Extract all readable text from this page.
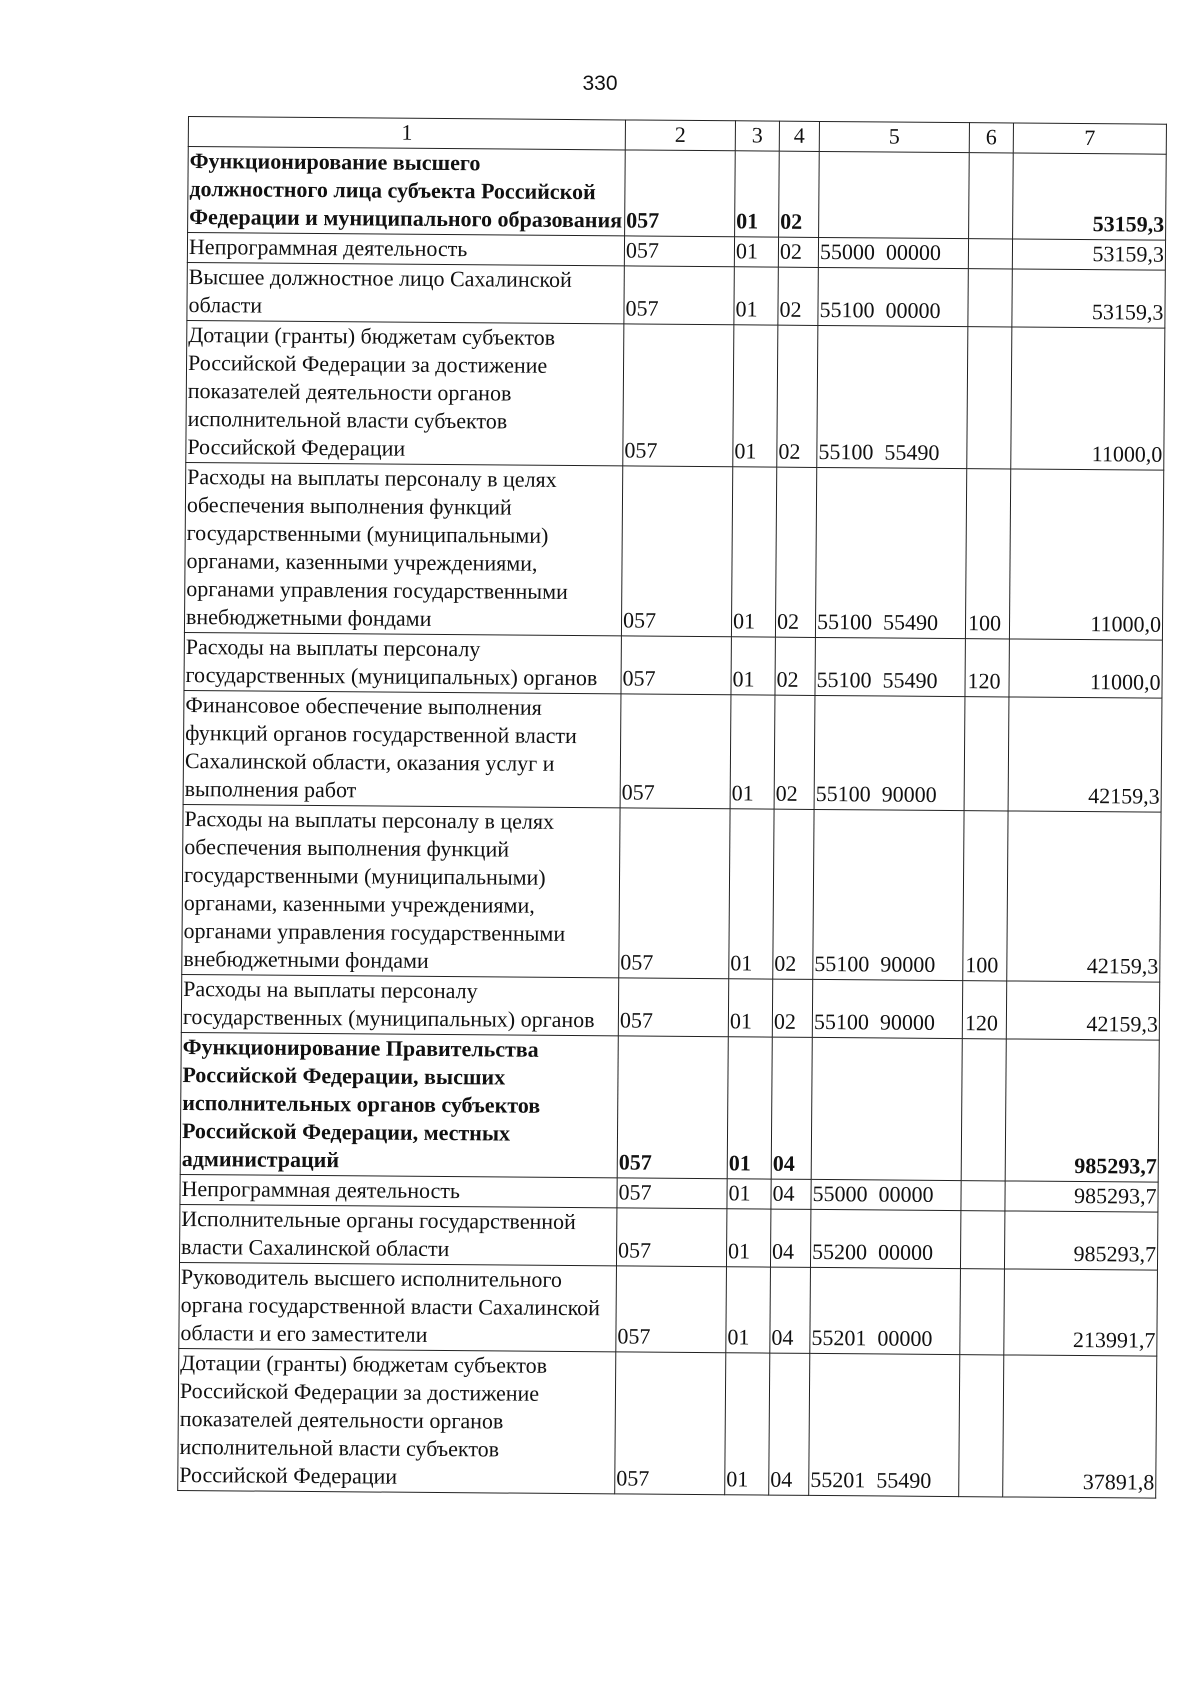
330
1	2	3	4	5	6	7
Функционирование высшего должностного лица субъекта Российской Федерации и муниципального образования	057	01	02			53159,3
Непрограммная деятельность	057	01	02	55000  00000		53159,3
Высшее должностное лицо Сахалинской области	057	01	02	55100  00000		53159,3
Дотации (гранты) бюджетам субъектов Российской Федерации за достижение показателей деятельности органов исполнительной власти субъектов Российской Федерации	057	01	02	55100  55490		11000,0
Расходы на выплаты персоналу в целях обеспечения выполнения функций государственными (муниципальными) органами, казенными учреждениями, органами управления государственными внебюджетными фондами	057	01	02	55100  55490	100	11000,0
Расходы на выплаты персоналу государственных (муниципальных) органов	057	01	02	55100  55490	120	11000,0
Финансовое обеспечение выполнения функций органов государственной власти Сахалинской области, оказания услуг и выполнения работ	057	01	02	55100  90000		42159,3
Расходы на выплаты персоналу в целях обеспечения выполнения функций государственными (муниципальными) органами, казенными учреждениями, органами управления государственными внебюджетными фондами	057	01	02	55100  90000	100	42159,3
Расходы на выплаты персоналу государственных (муниципальных) органов	057	01	02	55100  90000	120	42159,3
Функционирование Правительства Российской Федерации, высших исполнительных органов субъектов Российской Федерации, местных администраций	057	01	04			985293,7
Непрограммная деятельность	057	01	04	55000  00000		985293,7
Исполнительные органы государственной власти Сахалинской области	057	01	04	55200  00000		985293,7
Руководитель высшего исполнительного органа государственной власти Сахалинской области и его заместители	057	01	04	55201  00000		213991,7
Дотации (гранты) бюджетам субъектов Российской Федерации за достижение показателей деятельности органов исполнительной власти субъектов Российской Федерации	057	01	04	55201  55490		37891,8
